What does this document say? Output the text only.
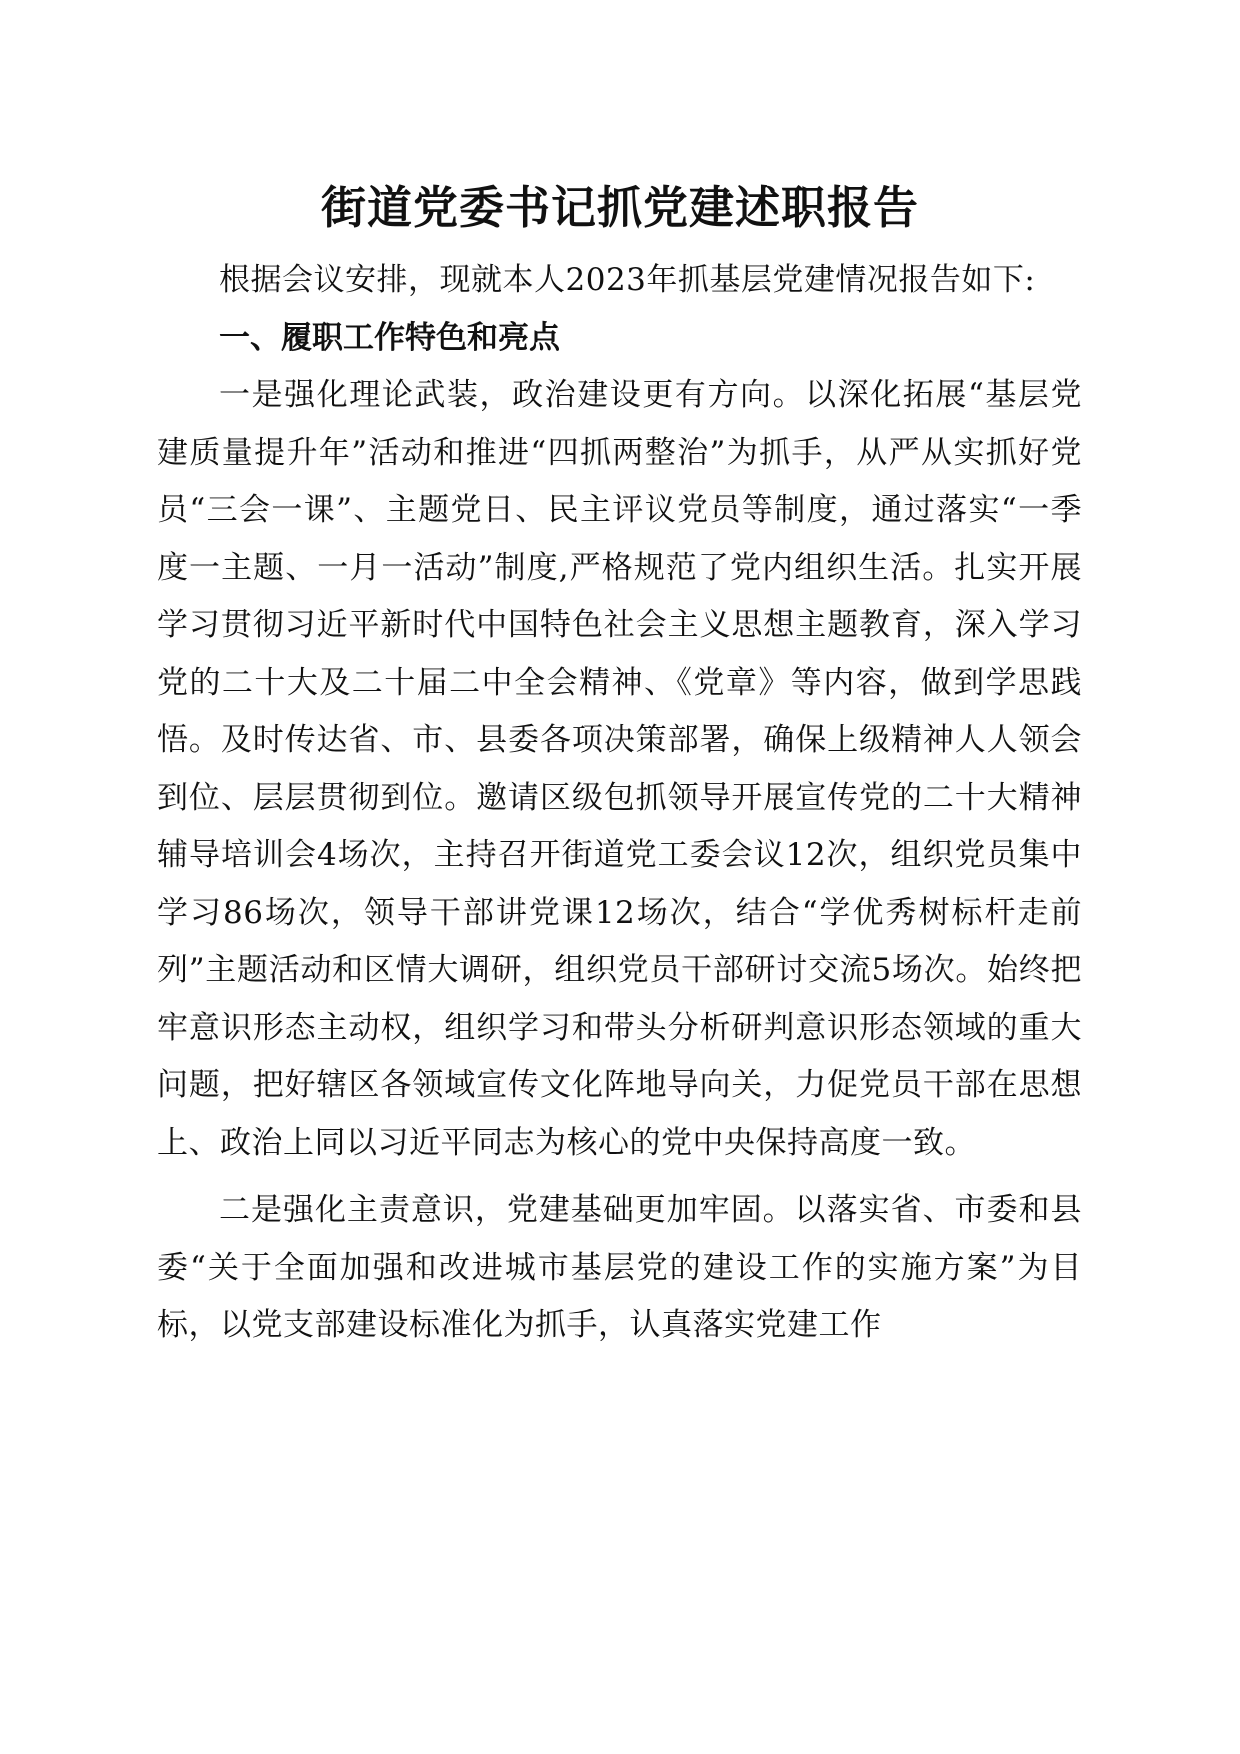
街道党委书记抓党建述职报告

根据会议安排，现就本人2023年抓基层党建情况报告如下:

一、履职工作特色和亮点

一是强化理论武装，政治建设更有方向。以深化拓展“基层党建质量提升年”活动和推进“四抓两整治”为抓手，从严从实抓好党员“三会一课”、主题党日、民主评议党员等制度，通过落实“一季度一主题、一月一活动”制度,严格规范了党内组织生活。扎实开展学习贯彻习近平新时代中国特色社会主义思想主题教育，深入学习党的二十大及二十届二中全会精神、《党章》等内容，做到学思践悟。及时传达省、市、县委各项决策部署，确保上级精神人人领会到位、层层贯彻到位。邀请区级包抓领导开展宣传党的二十大精神辅导培训会4场次，主持召开街道党工委会议12次，组织党员集中学习86场次，领导干部讲党课12场次，结合“学优秀树标杆走前列”主题活动和区情大调研，组织党员干部研讨交流5场次。始终把牢意识形态主动权，组织学习和带头分析研判意识形态领域的重大问题，把好辖区各领域宣传文化阵地导向关，力促党员干部在思想上、政治上同以习近平同志为核心的党中央保持高度一致。

二是强化主责意识，党建基础更加牢固。以落实省、市委和县委“关于全面加强和改进城市基层党的建设工作的实施方案”为目标，以党支部建设标准化为抓手，认真落实党建工作
